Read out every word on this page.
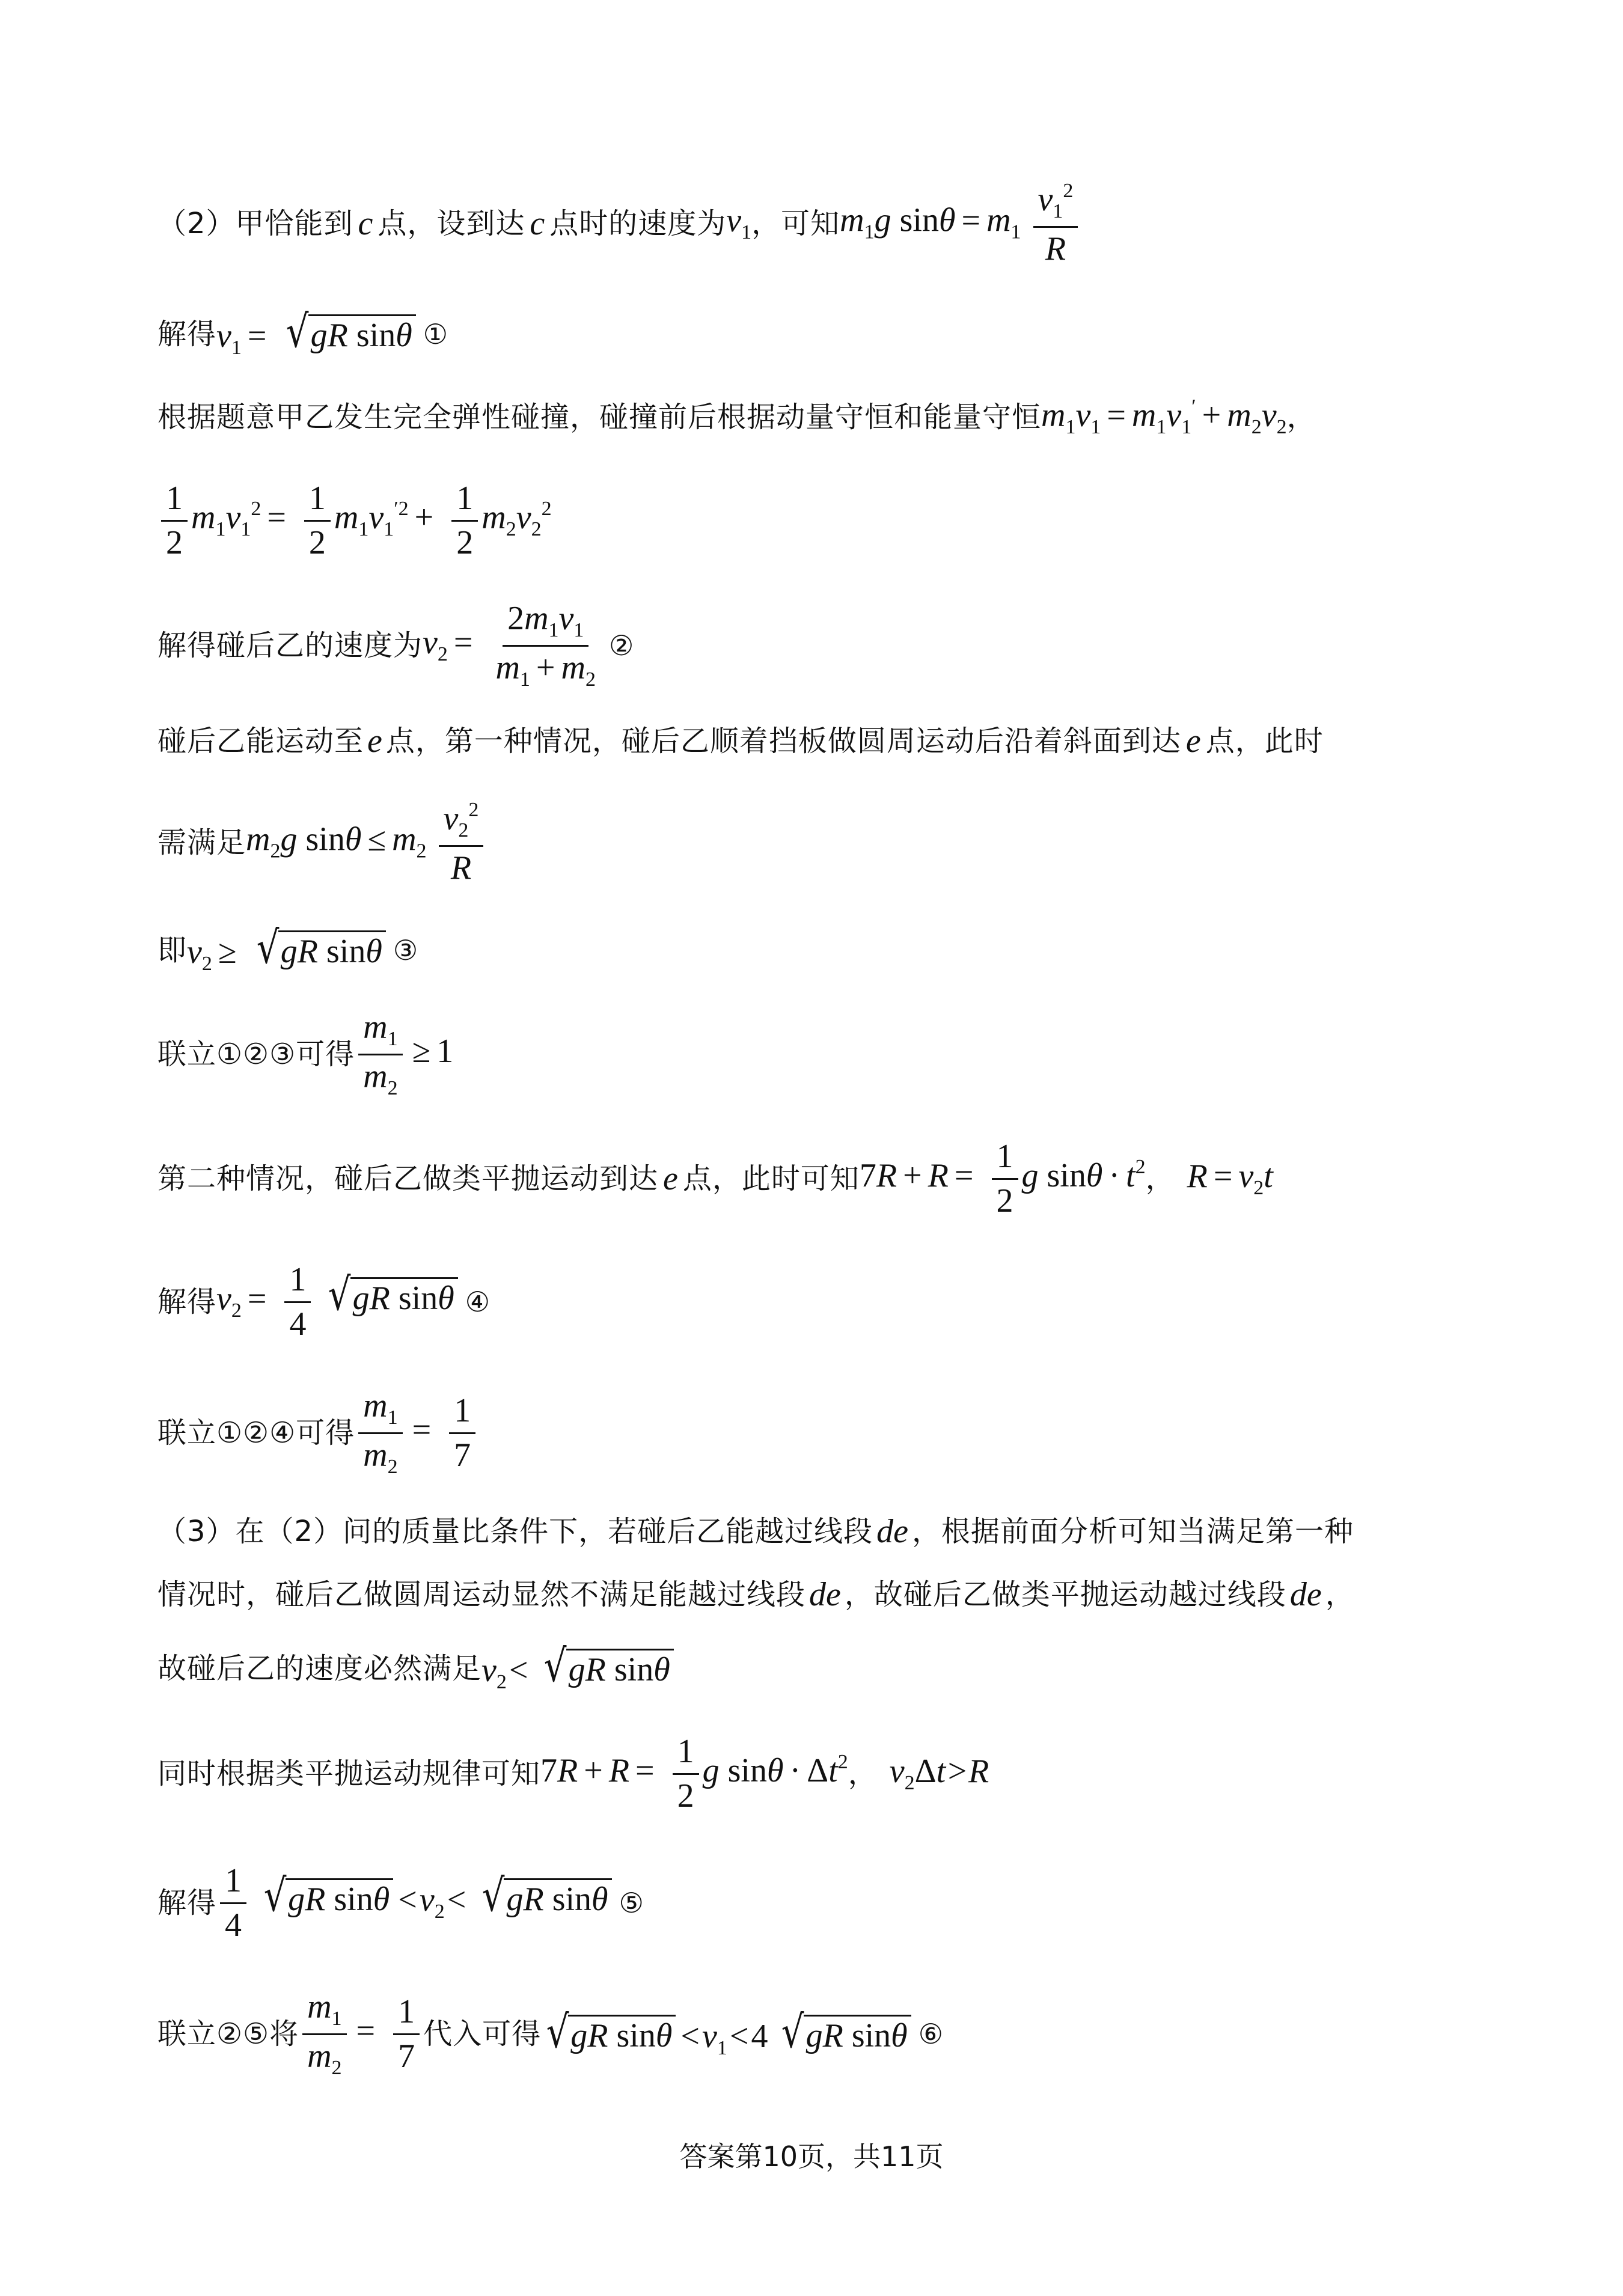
（2）甲恰能到 c 点，设到达 c 点时的速度为 $v_1$ ，可知 $m_1g$ $\sin\theta = m_1 \frac{v_1^2}{R}$
解得 $v_1$ = √ gR sinθ ①
根据题意甲乙发生完全弹性碰撞，碰撞前后根据动量守恒和能量守恒 $m_1v_1 = m_1v_1' + m_2v_2$ ，
$\frac{1}{2} m_1v_1^2 = \frac{1}{2} m_1v_1^{'2} + \frac{1}{2} m_2v_2^2$
解得碰后乙的速度为 $v_2 = \frac{2m_1v_1}{m_1 + m_2}$ ②
碰后乙能运动至 e 点，第一种情况，碰后乙顺着挡板做圆周运动后沿着斜面到达 e 点，此时
需满足 $m_2g$ $\sin\theta \le m_2 \frac{v_2^2}{R}$
即 $v_2$ ≥ √ gR sinθ ③
联立①②③可得 $\frac{m_1}{m_2} \ge 1$
第二种情况，碰后乙做类平抛运动到达 e 点，此时可知 $7R + R = \frac{1}{2}$ g $\sin\theta \cdot t^2$ ， $R = v_2t$
解得 $v_2 = \frac{1}{4}$
√ gR sinθ ④
联立①②④可得 $\frac{m_1}{m_2} = \frac{1}{7}$
（3）在（2）问的质量比条件下，若碰后乙能越过线段 de ，根据前面分析可知当满足第一种
情况时，碰后乙做圆周运动显然不满足能越过线段 de ，故碰后乙做类平抛运动越过线段 de ，
故碰后乙的速度必然满足 $v_2<$ √ gR sinθ
同时根据类平抛运动规律可知 $7R + R = \frac{1}{2}$ g $\sin\theta \cdot \Delta t^2$ ， $v_2\Delta t>R$
解得 $\frac{1}{4}$
√ gR $\sin\theta <v_2<$ √ gR sinθ ⑤
联立②⑤将 $\frac{m_1}{m_2} = \frac{1}{7}$ 代入可得 √ gR $\sin\theta <v_1<4$ √ gR sinθ ⑥
答案第10页，共11页
